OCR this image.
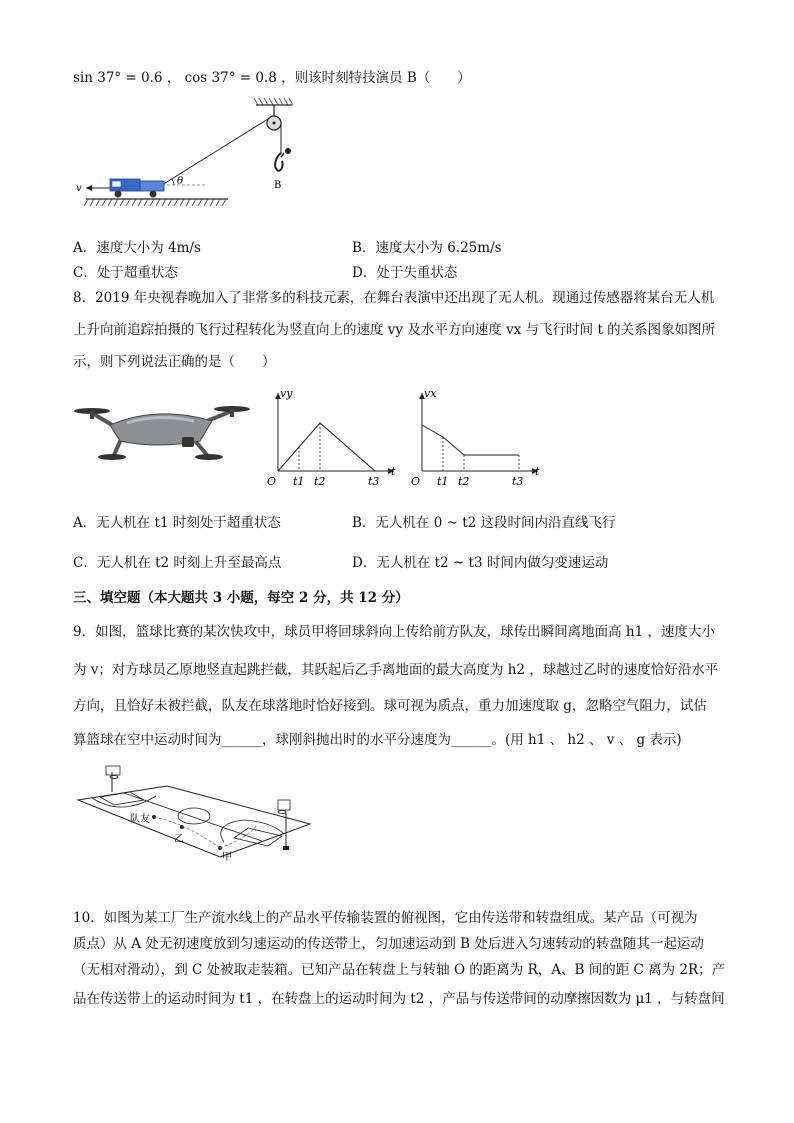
sin 37° = 0.6 ， cos 37° = 0.8 ，则该时刻特技演员 B（　　）
B
θ
v
A．速度大小为 4m/s	B．速度大小为 6.25m/s
C．处于超重状态	D．处于失重状态
8．2019 年央视春晚加入了非常多的科技元素，在舞台表演中还出现了无人机。现通过传感器将某台无人机
上升向前追踪拍摄的飞行过程转化为竖直向上的速度 vy 及水平方向速度 vx 与飞行时间 t 的关系图象如图所
示，则下列说法正确的是（　　）
vy
O t1 t2	t3
t
vx
O t1 t2	t3
t
A．无人机在 t1 时刻处于超重状态	B．无人机在 0 ~ t2 这段时间内沿直线飞行
C．无人机在 t2 时刻上升至最高点	D．无人机在 t2 ~ t3 时间内做匀变速运动
三、填空题（本大题共 3 小题，每空 2 分，共 12 分）
9．如图，篮球比赛的某次快攻中，球员甲将回球斜向上传给前方队友，球传出瞬间离地面高 h1 ，速度大小
为 v；对方球员乙原地竖直起跳拦截，其跃起后乙手离地面的最大高度为 h2 ，球越过乙时的速度恰好沿水平
方向，且恰好未被拦截，队友在球落地时恰好接到。球可视为质点，重力加速度取 g，忽略空气阻力，试估
算篮球在空中运动时间为______，球刚斜抛出时的水平分速度为______。(用 h1 、 h2 、 v 、 g 表示)
队友
乙
甲
10．如图为某工厂生产流水线上的产品水平传输装置的俯视图，它由传送带和转盘组成。某产品（可视为
质点）从 A 处无初速度放到匀速运动的传送带上，匀加速运动到 B 处后进入匀速转动的转盘随其一起运动
（无相对滑动），到 C 处被取走装箱。已知产品在转盘上与转轴 O 的距离为 R，A、B 间的距 C 离为 2R；产
品在传送带上的运动时间为 t1 ，在转盘上的运动时间为 t2 ，产品与传送带间的动摩擦因数为 μ1 ，与转盘间
